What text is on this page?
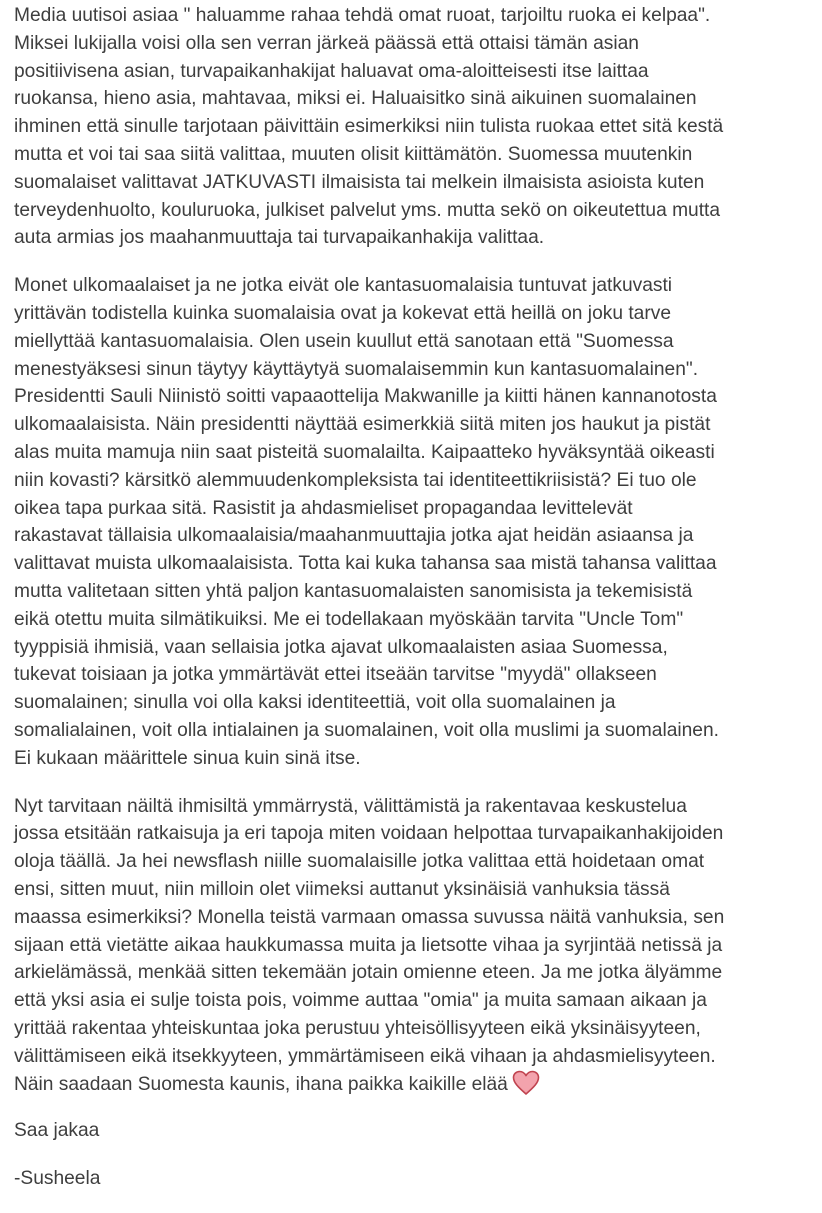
Media uutisoi asiaa " haluamme rahaa tehdä omat ruoat, tarjoiltu ruoka ei kelpaa".
Miksei lukijalla voisi olla sen verran järkeä päässä että ottaisi tämän asian
positiivisena asian, turvapaikanhakijat haluavat oma-aloitteisesti itse laittaa
ruokansa, hieno asia, mahtavaa, miksi ei. Haluaisitko sinä aikuinen suomalainen
ihminen että sinulle tarjotaan päivittäin esimerkiksi niin tulista ruokaa ettet sitä kestä
mutta et voi tai saa siitä valittaa, muuten olisit kiittämätön. Suomessa muutenkin
suomalaiset valittavat JATKUVASTI ilmaisista tai melkein ilmaisista asioista kuten
terveydenhuolto, kouluruoka, julkiset palvelut yms. mutta sekö on oikeutettua mutta
auta armias jos maahanmuuttaja tai turvapaikanhakija valittaa.

Monet ulkomaalaiset ja ne jotka eivät ole kantasuomalaisia tuntuvat jatkuvasti
yrittävän todistella kuinka suomalaisia ovat ja kokevat että heillä on joku tarve
miellyttää kantasuomalaisia. Olen usein kuullut että sanotaan että "Suomessa
menestyäksesi sinun täytyy käyttäytyä suomalaisemmin kun kantasuomalainen".
Presidentti Sauli Niinistö soitti vapaaottelija Makwanille ja kiitti hänen kannanotosta
ulkomaalaisista. Näin presidentti näyttää esimerkkiä siitä miten jos haukut ja pistät
alas muita mamuja niin saat pisteitä suomalailta. Kaipaatteko hyväksyntää oikeasti
niin kovasti? kärsitkö alemmuudenkompleksista tai identiteettikriisistä? Ei tuo ole
oikea tapa purkaa sitä. Rasistit ja ahdasmieliset propagandaa levittelevät
rakastavat tällaisia ulkomaalaisia/maahanmuuttajia jotka ajat heidän asiaansa ja
valittavat muista ulkomaalaisista. Totta kai kuka tahansa saa mistä tahansa valittaa
mutta valitetaan sitten yhtä paljon kantasuomalaisten sanomisista ja tekemisistä
eikä otettu muita silmätikuiksi. Me ei todellakaan myöskään tarvita "Uncle Tom"
tyyppisiä ihmisiä, vaan sellaisia jotka ajavat ulkomaalaisten asiaa Suomessa,
tukevat toisiaan ja jotka ymmärtävät ettei itseään tarvitse "myydä" ollakseen
suomalainen; sinulla voi olla kaksi identiteettiä, voit olla suomalainen ja
somalialainen, voit olla intialainen ja suomalainen, voit olla muslimi ja suomalainen.
Ei kukaan määrittele sinua kuin sinä itse.

Nyt tarvitaan näiltä ihmisiltä ymmärrystä, välittämistä ja rakentavaa keskustelua
jossa etsitään ratkaisuja ja eri tapoja miten voidaan helpottaa turvapaikanhakijoiden
oloja täällä. Ja hei newsflash niille suomalaisille jotka valittaa että hoidetaan omat
ensi, sitten muut, niin milloin olet viimeksi auttanut yksinäisiä vanhuksia tässä
maassa esimerkiksi? Monella teistä varmaan omassa suvussa näitä vanhuksia, sen
sijaan että vietätte aikaa haukkumassa muita ja lietsotte vihaa ja syrjintää netissä ja
arkielämässä, menkää sitten tekemään jotain omienne eteen. Ja me jotka älyämme
että yksi asia ei sulje toista pois, voimme auttaa "omia" ja muita samaan aikaan ja
yrittää rakentaa yhteiskuntaa joka perustuu yhteisöllisyyteen eikä yksinäisyyteen,
välittämiseen eikä itsekkyyteen, ymmärtämiseen eikä vihaan ja ahdasmielisyyteen.
Näin saadaan Suomesta kaunis, ihana paikka kaikille elää

Saa jakaa

-Susheela
